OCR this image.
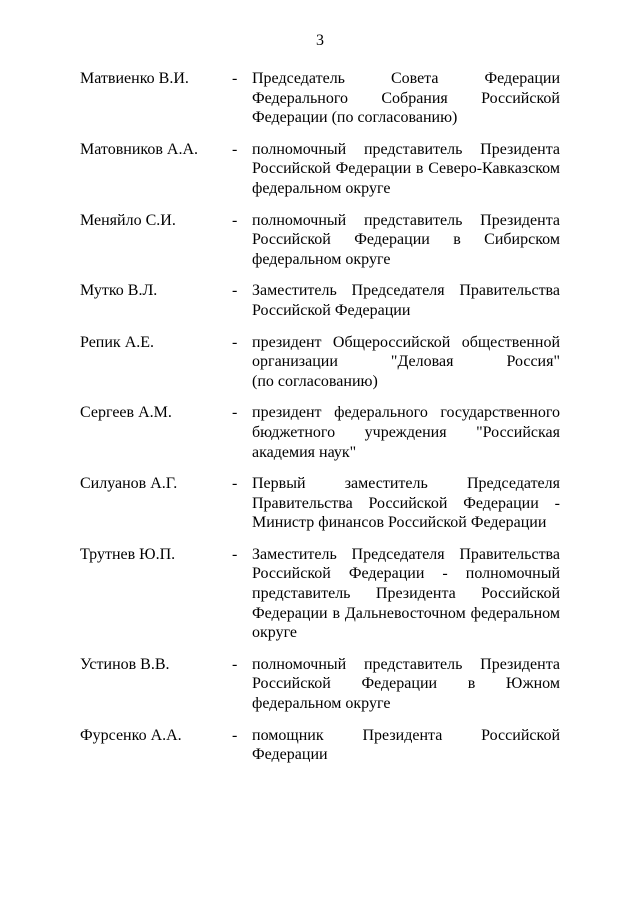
3
Матвиенко В.И.	- Председатель Совета Федерации
Федерального Собрания Российской
Федерации (по согласованию)
Матовников А.А.	- полномочный представитель Президента
Российской Федерации в Северо-Кавказском
федеральном округе
Меняйло С.И.	- полномочный представитель Президента
Российской Федерации в Сибирском
федеральном округе
Мутко В.Л.	- Заместитель Председателя Правительства
Российской Федерации
Репик А.Е.	- президент Общероссийской общественной
организации "Деловая Россия"
(по согласованию)
Сергеев А.М.	- президент федерального государственного
бюджетного учреждения "Российская
академия наук"
Силуанов А.Г.	- Первый заместитель Председателя
Правительства Российской Федерации -
Министр финансов Российской Федерации
Трутнев Ю.П.	- Заместитель Председателя Правительства
Российской Федерации - полномочный
представитель Президента Российской
Федерации в Дальневосточном федеральном
округе
Устинов В.В.	- полномочный представитель Президента
Российской Федерации в Южном
федеральном округе
Фурсенко А.А.	- помощник Президента Российской
Федерации
